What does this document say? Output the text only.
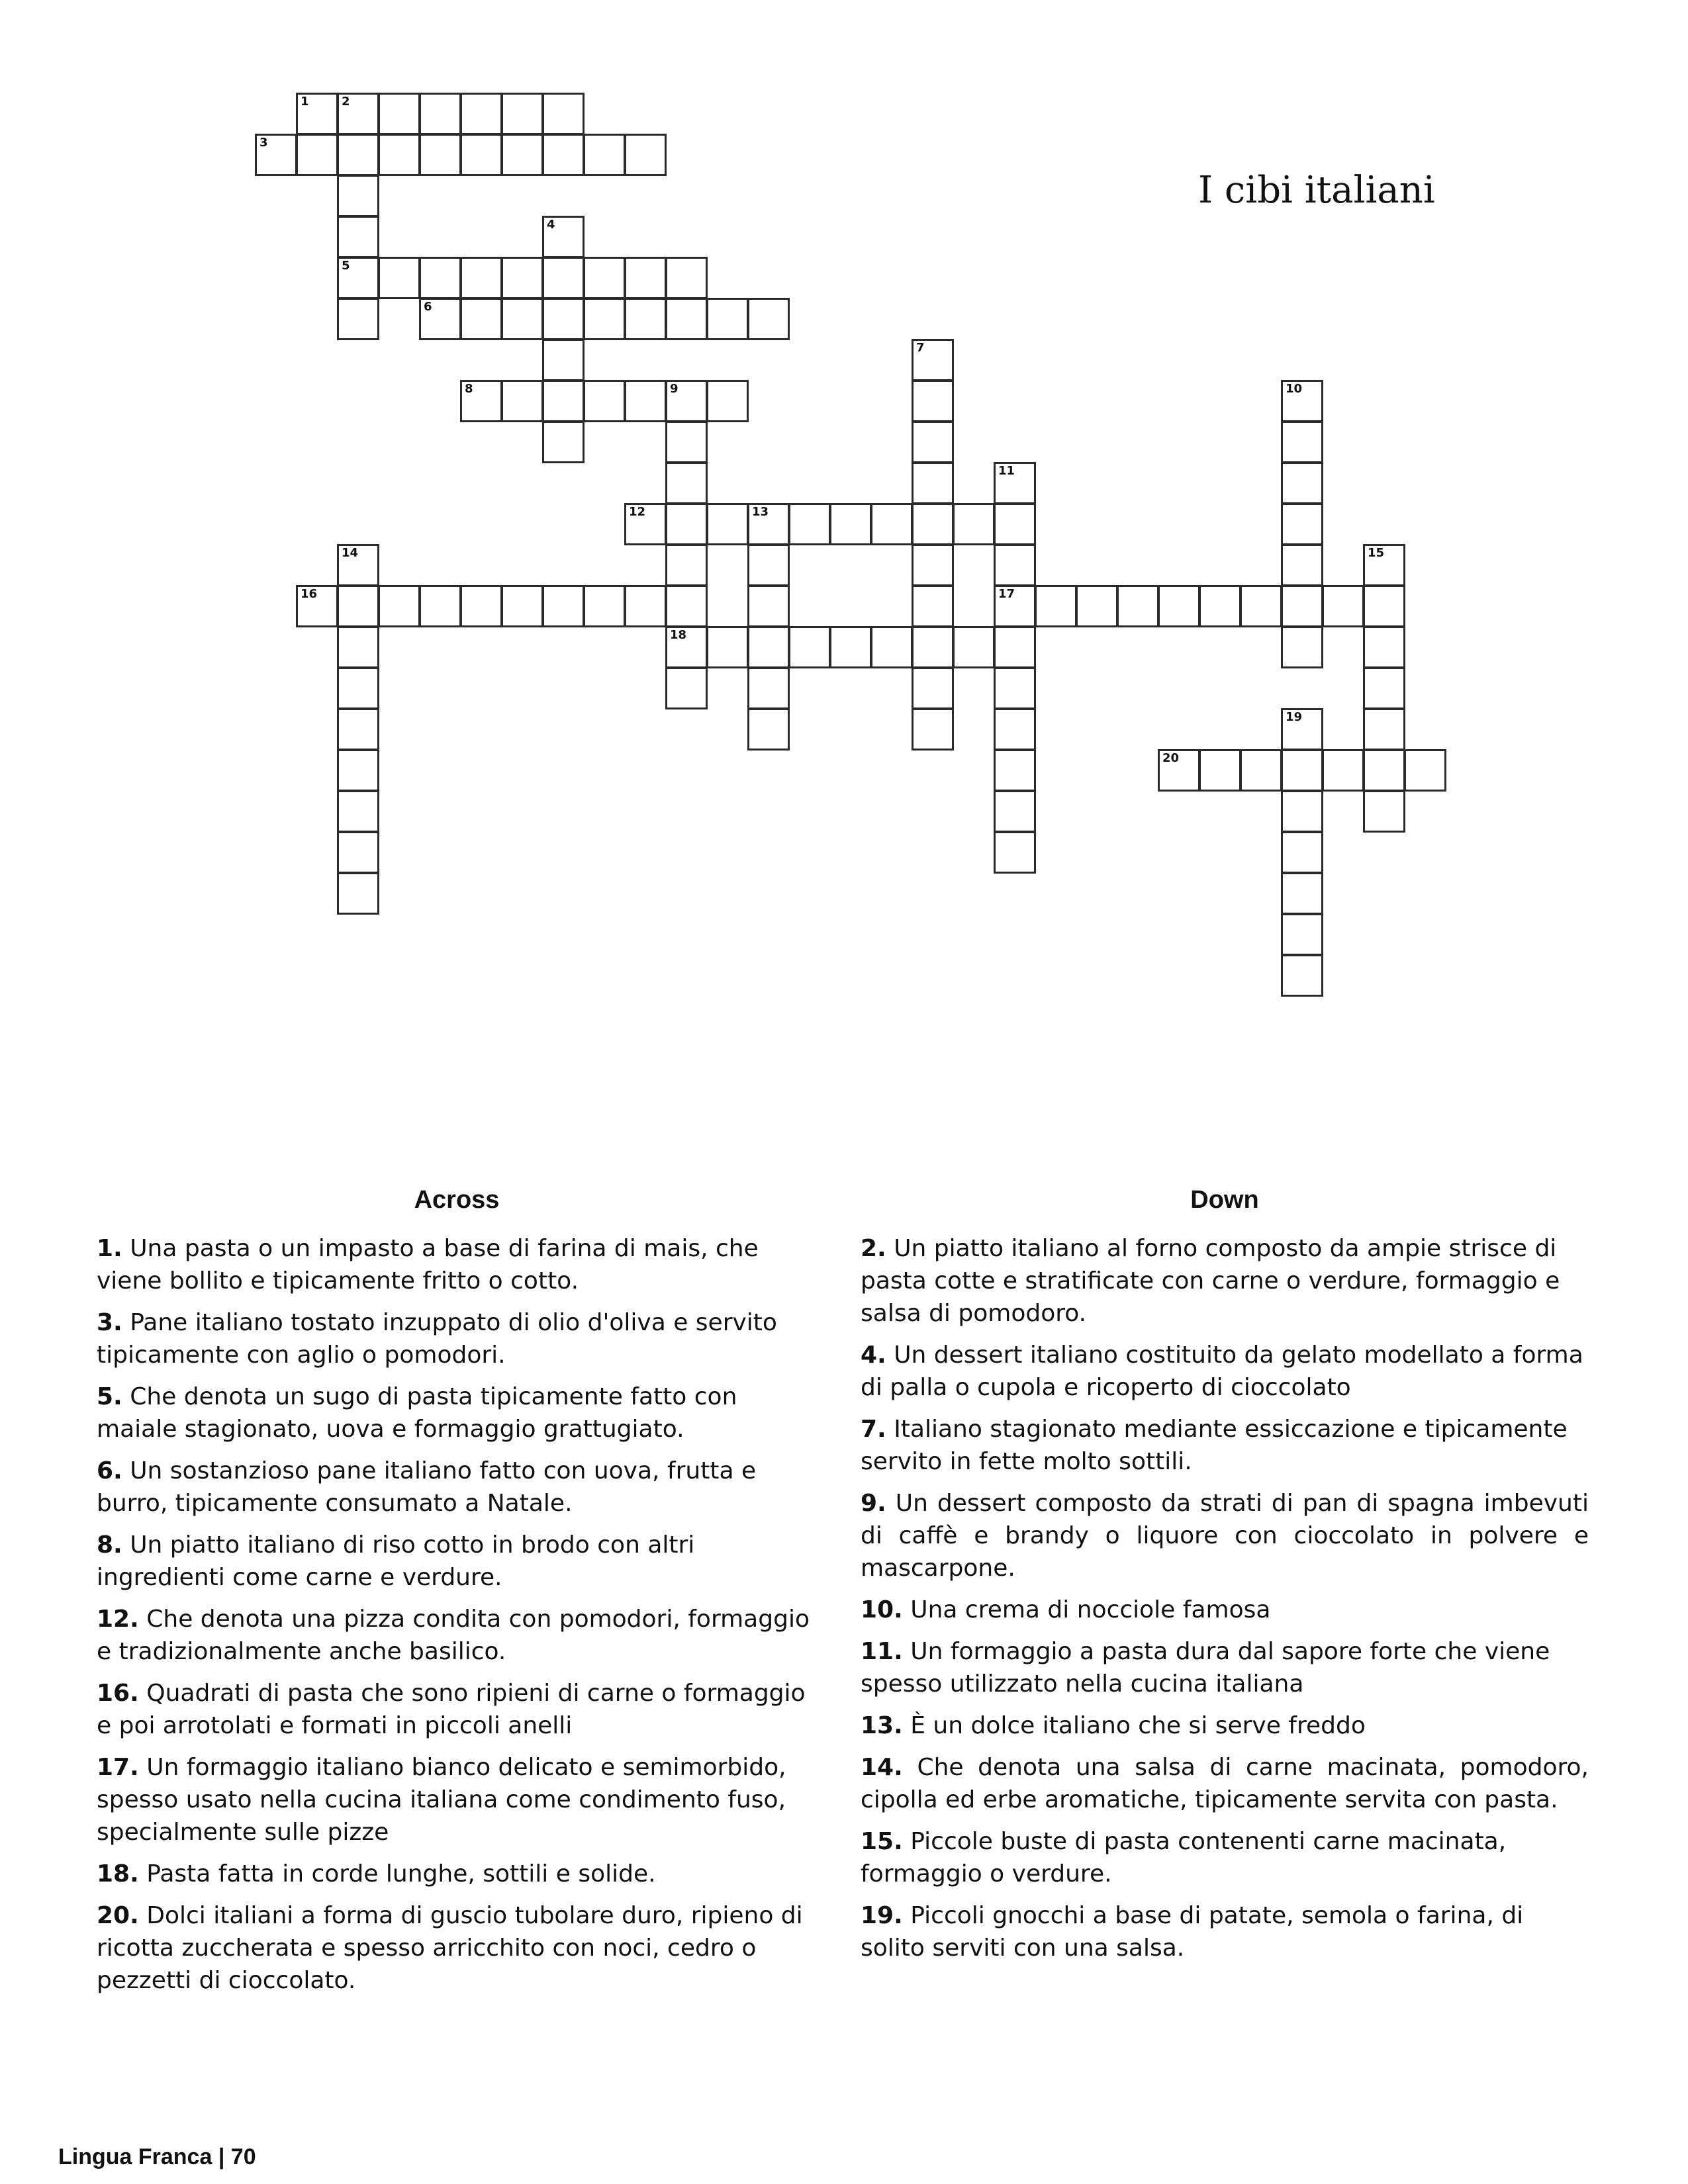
1	2
5
3
4
6
7
8	9
18
10
11
17
12	13
14	15
16
19
20
I cibi italiani
Across	Down
1. Una pasta o un impasto a base di farina di mais, che viene bollito e tipicamente fritto o cotto.
3. Pane italiano tostato inzuppato di olio d'oliva e servito tipicamente con aglio o pomodori.
5. Che denota un sugo di pasta tipicamente fatto con maiale stagionato, uova e formaggio grattugiato.
6. Un sostanzioso pane italiano fatto con uova, frutta e burro, tipicamente consumato a Natale.
8. Un piatto italiano di riso cotto in brodo con altri ingredienti come carne e verdure.
12. Che denota una pizza condita con pomodori, formaggio e tradizionalmente anche basilico.
16. Quadrati di pasta che sono ripieni di carne o formaggio e poi arrotolati e formati in piccoli anelli
17. Un formaggio italiano bianco delicato e semimorbido, spesso usato nella cucina italiana come condimento fuso, specialmente sulle pizze
18. Pasta fatta in corde lunghe, sottili e solide.
20. Dolci italiani a forma di guscio tubolare duro, ripieno di ricotta zuccherata e spesso arricchito con noci, cedro o pezzetti di cioccolato.
2. Un piatto italiano al forno composto da ampie strisce di pasta cotte e stratificate con carne o verdure, formaggio e salsa di pomodoro.
4. Un dessert italiano costituito da gelato modellato a forma di palla o cupola e ricoperto di cioccolato
7. Italiano stagionato mediante essiccazione e tipicamente servito in fette molto sottili.
9. Un dessert composto da strati di pan di spagna imbevuti di caffè e brandy o liquore con cioccolato in polvere e mascarpone.
10. Una crema di nocciole famosa
11. Un formaggio a pasta dura dal sapore forte che viene spesso utilizzato nella cucina italiana
13. È un dolce italiano che si serve freddo
14. Che denota una salsa di carne macinata, pomodoro, cipolla ed erbe aromatiche, tipicamente servita con pasta.
15. Piccole buste di pasta contenenti carne macinata, formaggio o verdure.
19. Piccoli gnocchi a base di patate, semola o farina, di solito serviti con una salsa.
Lingua Franca | 70
